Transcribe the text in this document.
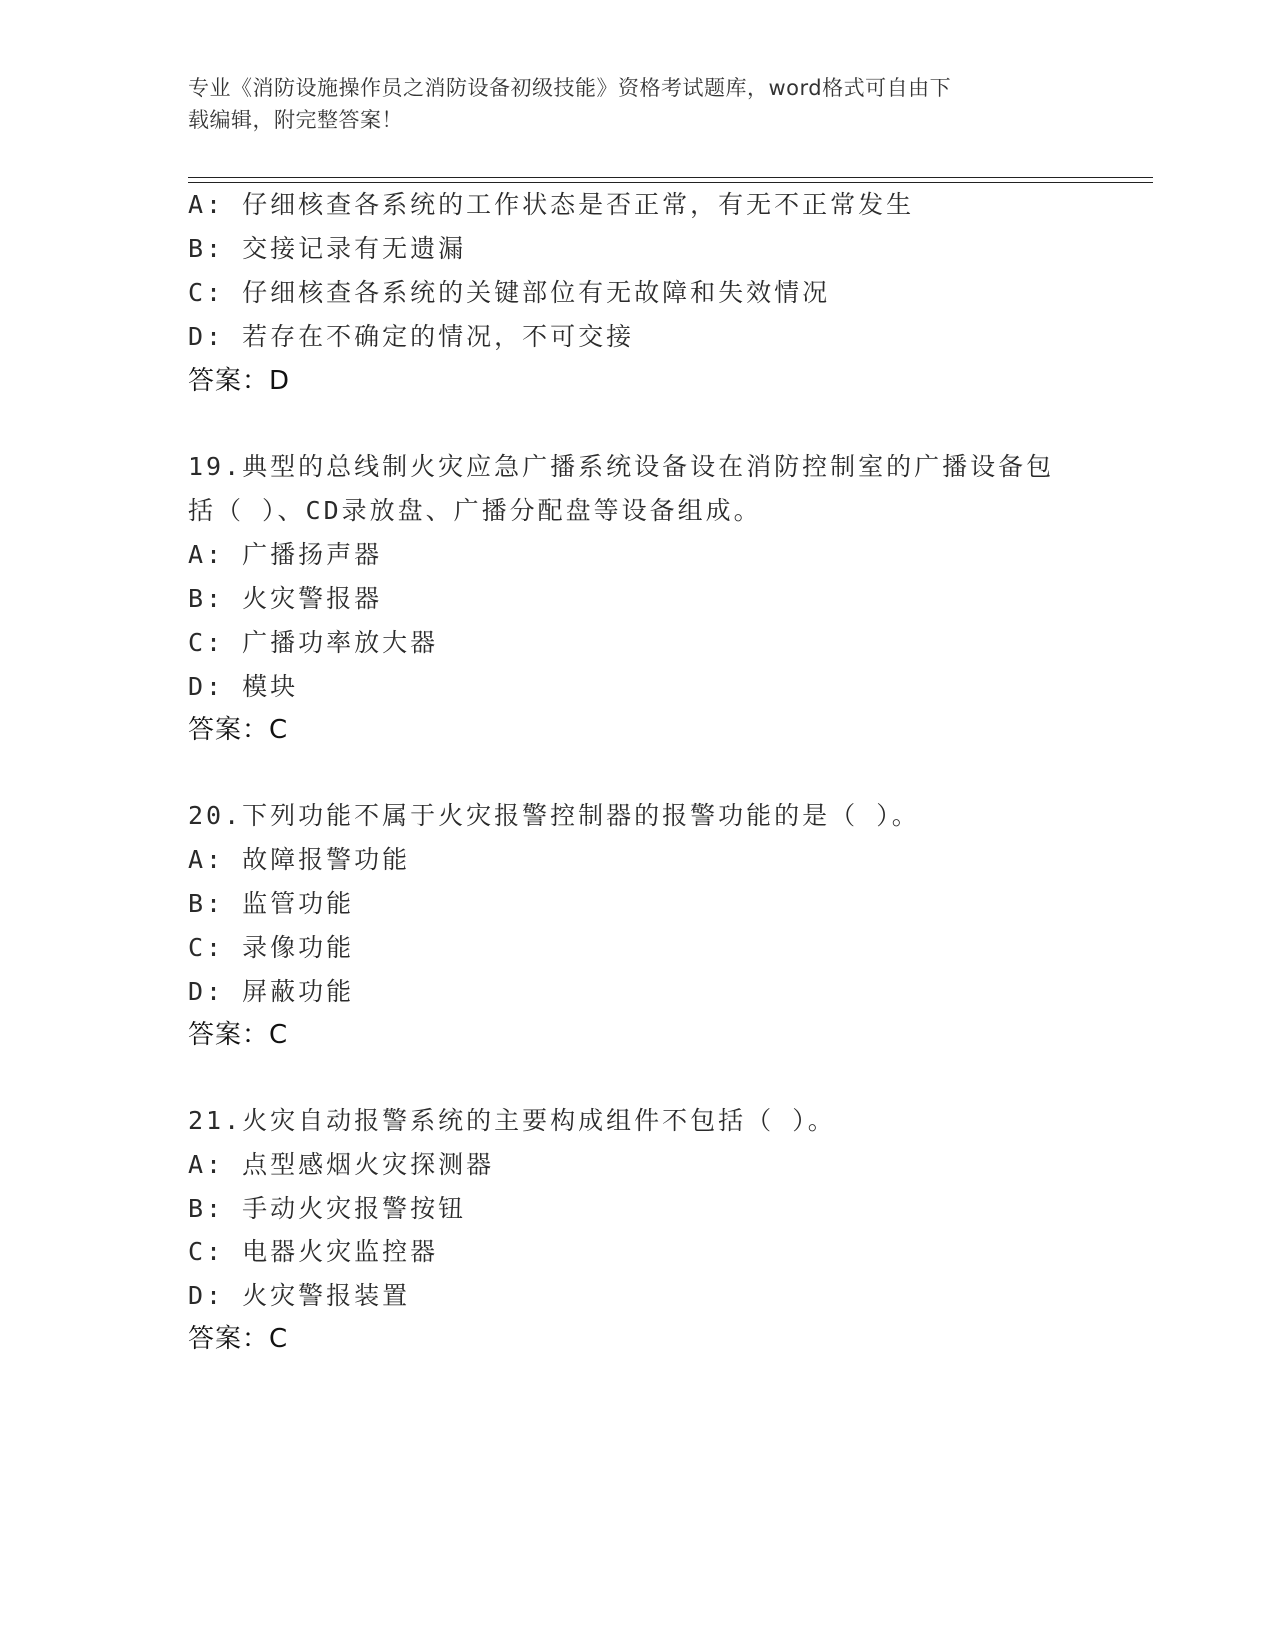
专业《消防设施操作员之消防设备初级技能》资格考试题库，word格式可自由下
载编辑，附完整答案！
A: 仔细核查各系统的工作状态是否正常，有无不正常发生
B: 交接记录有无遗漏
C: 仔细核查各系统的关键部位有无故障和失效情况
D: 若存在不确定的情况，不可交接
答案：D
19.典型的总线制火灾应急广播系统设备设在消防控制室的广播设备包
括（ ）、CD录放盘、广播分配盘等设备组成。
A: 广播扬声器
B: 火灾警报器
C: 广播功率放大器
D: 模块
答案：C
20.下列功能不属于火灾报警控制器的报警功能的是（ ）。
A: 故障报警功能
B: 监管功能
C: 录像功能
D: 屏蔽功能
答案：C
21.火灾自动报警系统的主要构成组件不包括（ ）。
A: 点型感烟火灾探测器
B: 手动火灾报警按钮
C: 电器火灾监控器
D: 火灾警报装置
答案：C
